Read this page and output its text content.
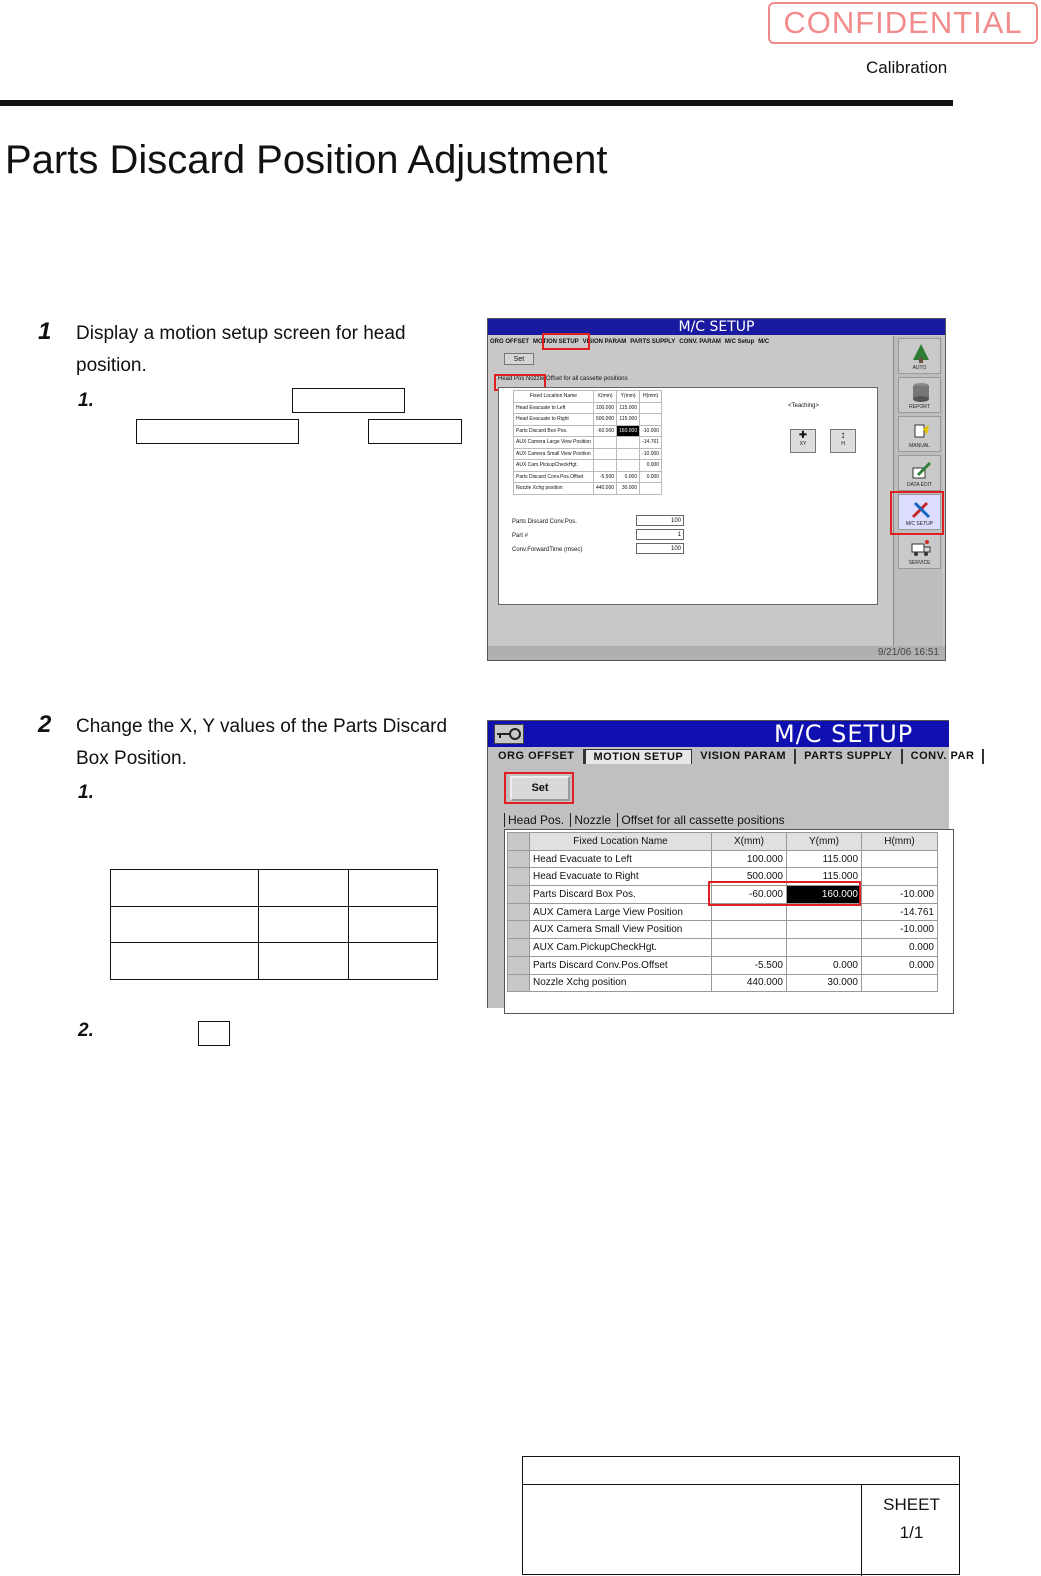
CONFIDENTIAL
Calibration
Parts Discard Position Adjustment
1 Display a motion setup screen for head
position.
1.
M/C SETUP
ORG OFFSET MOTION SETUP VISION PARAM PARTS SUPPLY CONV. PARAM M/C Setup M/C
Set
Head Pos Nozzle Offset for all cassette positions
Fixed Location Name	X(mm)	Y(mm)	H(mm)
Head Evacuate to Left	100.000	115.000	
Head Evacuate to Right	500.000	115.000	
Parts Discard Box Pos.	-60.000	160.000	-10.000
AUX Camera Large View Position			-14.761
AUX Camera Small View Position			-10.000
AUX Cam.PickupCheckHgt.			0.000
Parts Discard Conv.Pos.Offset	-5.500	0.000	0.000
Nozzle Xchg position	440.000	30.000	
<Teaching>
✚
XY
↕
H
Parts Discard Conv.Pos.
Part #
Conv.ForwardTime (msec)
100
1
100
AUTO
REPORT
MANUAL
DATA EDIT
M/C SETUP
SERVICE
9/21/06 16:51
2 Change the X, Y values of the Parts Discard
Box Position.
1.

2.
M/C SETUP
ORG OFFSET	MOTION SETUP	VISION PARAM	PARTS SUPPLY	CONV. PAR
Set
Head Pos. Nozzle Offset for all cassette positions
	Fixed Location Name	X(mm)	Y(mm)	H(mm)
	Head Evacuate to Left	100.000	115.000	
	Head Evacuate to Right	500.000	115.000	
	Parts Discard Box Pos.	-60.000	160.000	-10.000
	AUX Camera Large View Position			-14.761
	AUX Camera Small View Position			-10.000
	AUX Cam.PickupCheckHgt.			0.000
	Parts Discard Conv.Pos.Offset	-5.500	0.000	0.000
	Nozzle Xchg position	440.000	30.000	
SHEET
1/1
